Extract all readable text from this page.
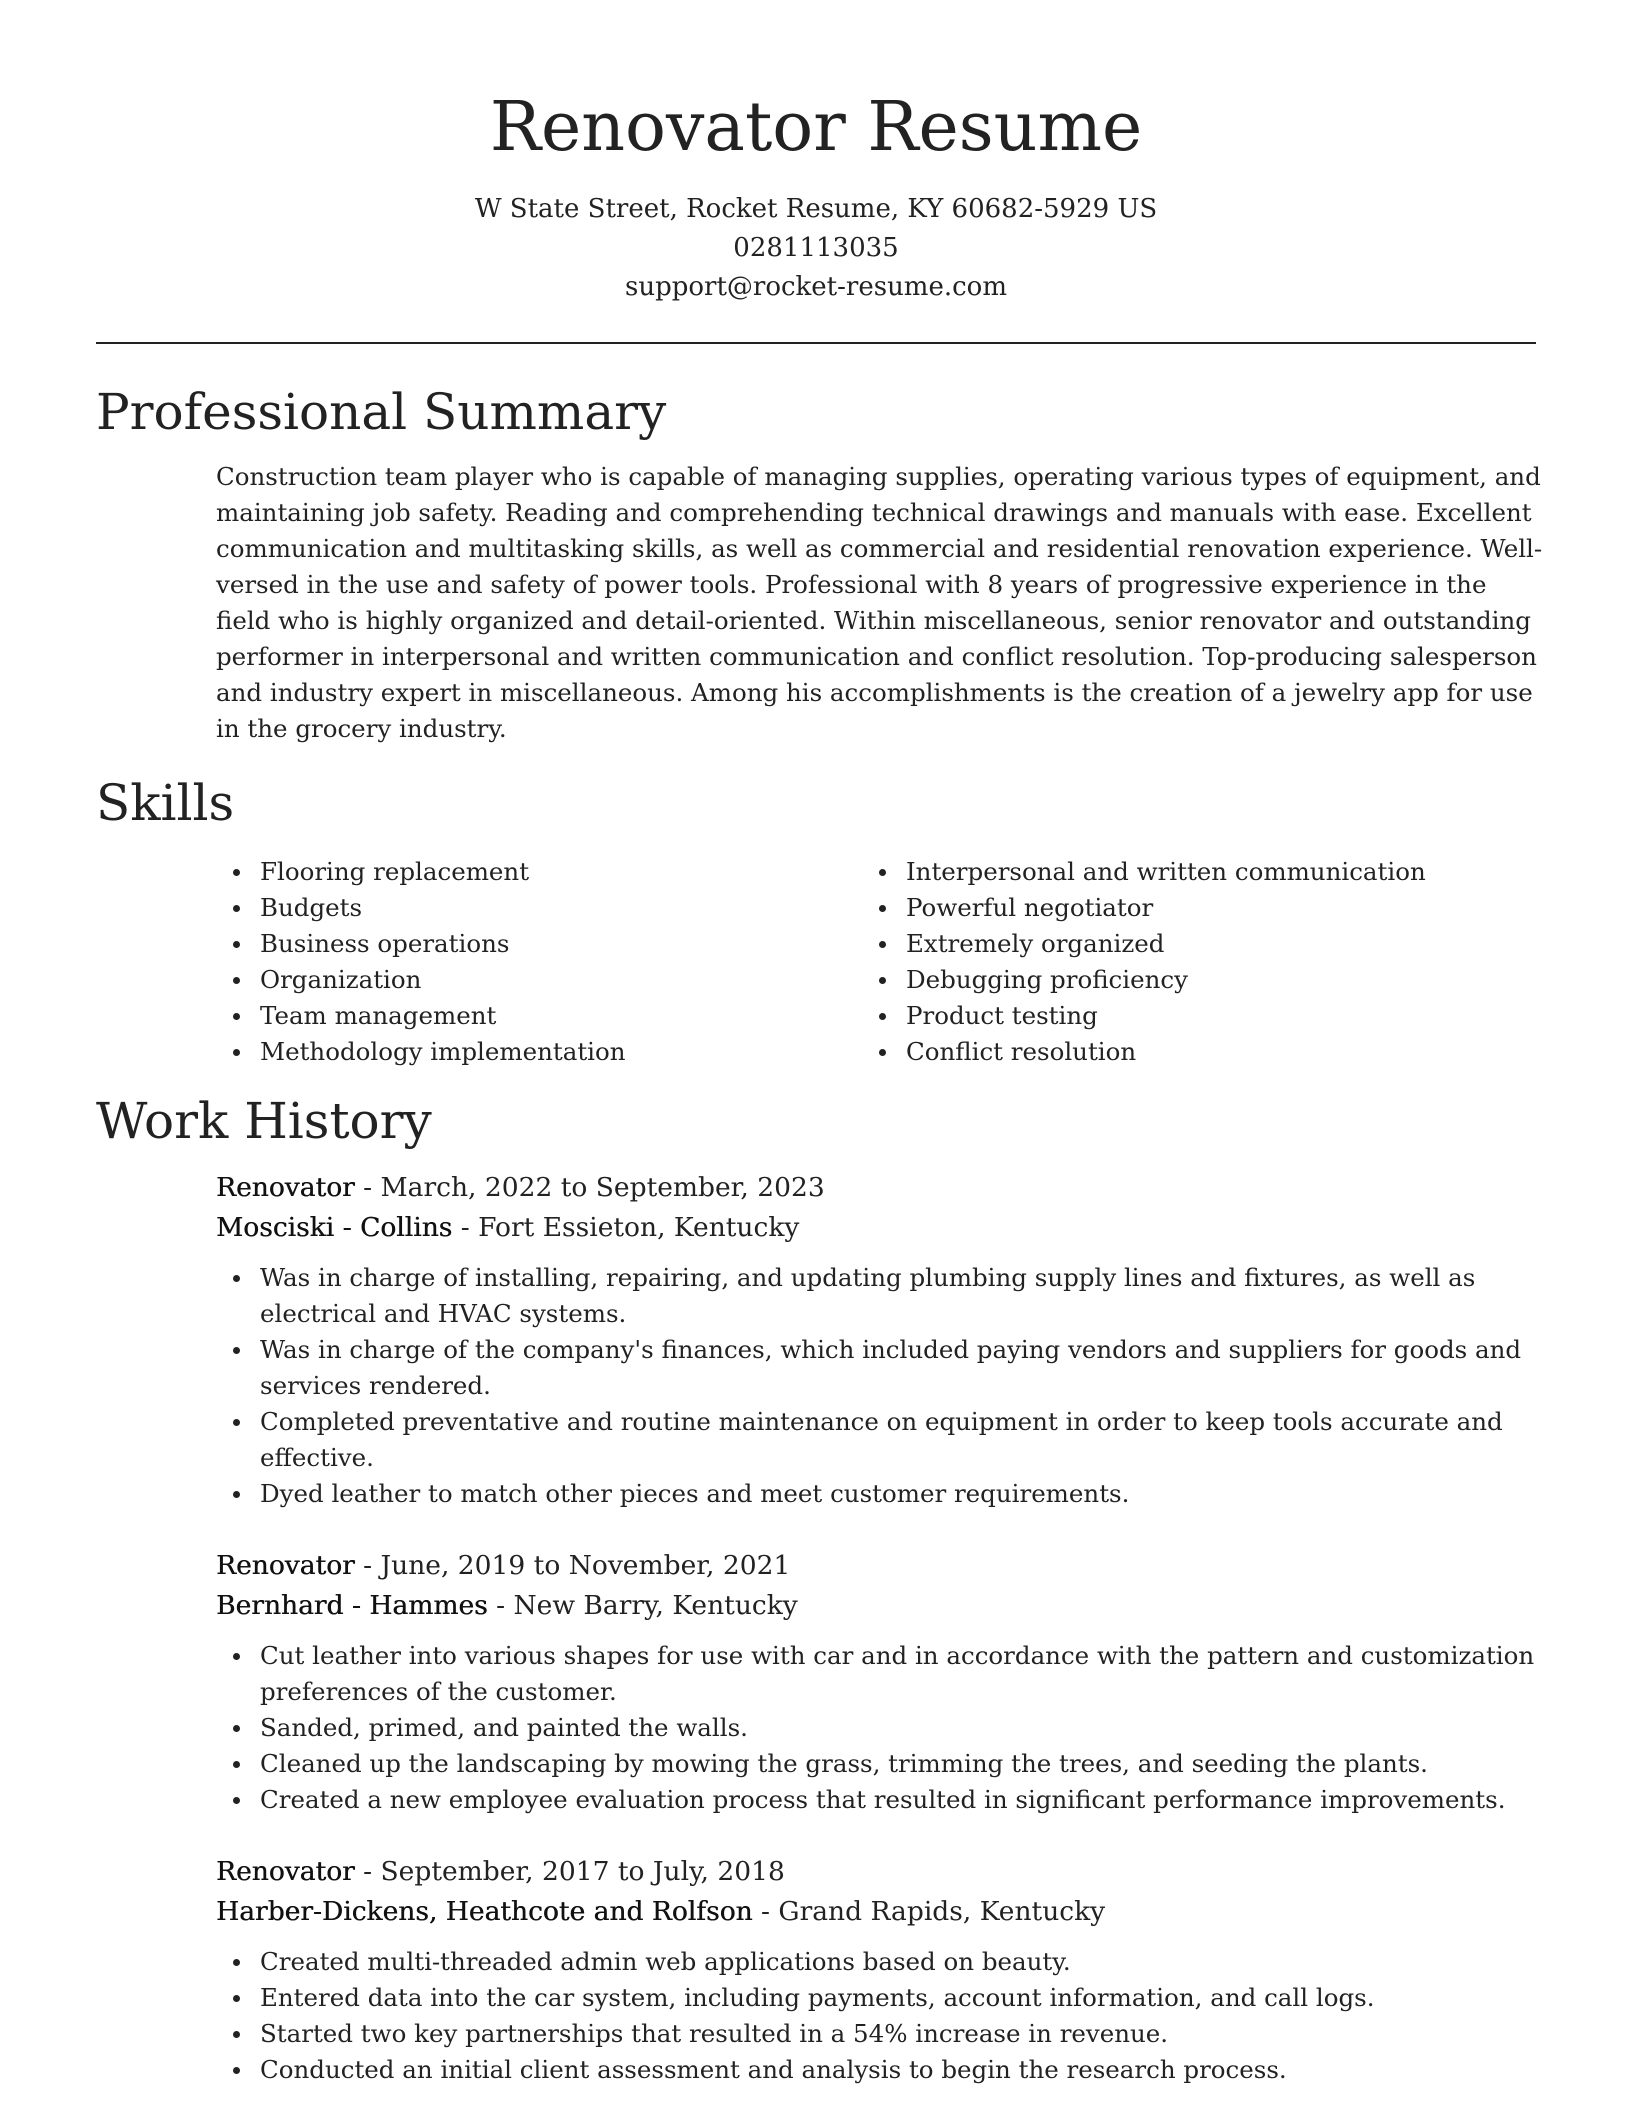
Renovator Resume
W State Street, Rocket Resume, KY 60682-5929 US
0281113035
support@rocket-resume.com
Professional Summary

Construction team player who is capable of managing supplies, operating various types of equipment, and maintaining job safety. Reading and comprehending technical drawings and manuals with ease. Excellent communication and multitasking skills, as well as commercial and residential renovation experience. Well-versed in the use and safety of power tools. Professional with 8 years of progressive experience in the field who is highly organized and detail-oriented. Within miscellaneous, senior renovator and outstanding performer in interpersonal and written communication and conflict resolution. Top-producing salesperson and industry expert in miscellaneous. Among his accomplishments is the creation of a jewelry app for use in the grocery industry.

Skills
Flooring replacement
Budgets
Business operations
Organization
Team management
Methodology implementation
Interpersonal and written communication
Powerful negotiator
Extremely organized
Debugging proficiency
Product testing
Conflict resolution
Work History
Renovator - March, 2022 to September, 2023
Mosciski - Collins - Fort Essieton, Kentucky
Was in charge of installing, repairing, and updating plumbing supply lines and fixtures, as well as electrical and HVAC systems.
Was in charge of the company's finances, which included paying vendors and suppliers for goods and services rendered.
Completed preventative and routine maintenance on equipment in order to keep tools accurate and effective.
Dyed leather to match other pieces and meet customer requirements.
Renovator - June, 2019 to November, 2021
Bernhard - Hammes - New Barry, Kentucky
Cut leather into various shapes for use with car and in accordance with the pattern and customization preferences of the customer.
Sanded, primed, and painted the walls.
Cleaned up the landscaping by mowing the grass, trimming the trees, and seeding the plants.
Created a new employee evaluation process that resulted in significant performance improvements.
Renovator - September, 2017 to July, 2018
Harber-Dickens, Heathcote and Rolfson - Grand Rapids, Kentucky
Created multi-threaded admin web applications based on beauty.
Entered data into the car system, including payments, account information, and call logs.
Started two key partnerships that resulted in a 54% increase in revenue.
Conducted an initial client assessment and analysis to begin the research process.
